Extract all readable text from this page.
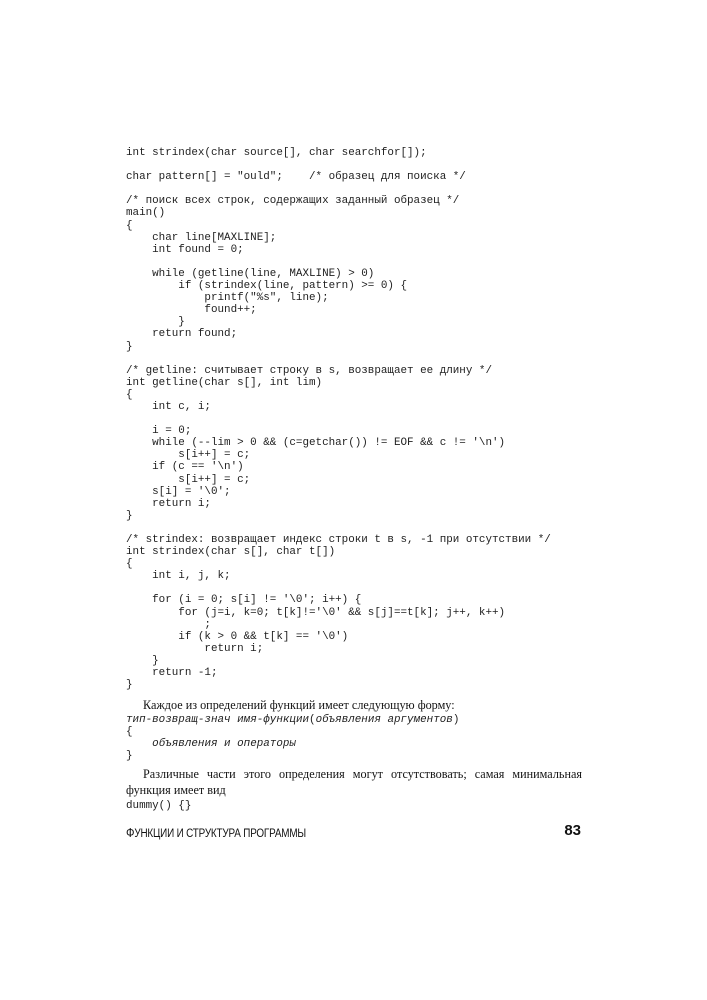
int strindex(char source[], char searchfor[]);

char pattern[] = "ould";    /* образец для поиска */

/* поиск всех строк, содержащих заданный образец */
main()
{
char line[MAXLINE];
int found = 0;

while (getline(line, MAXLINE) > 0)
if (strindex(line, pattern) >= 0) {
printf("%s", line);
found++;
}
return found;
}

/* getline: считывает строку в s, возвращает ее длину */
int getline(char s[], int lim)
{
int c, i;

i = 0;
while (--lim > 0 && (c=getchar()) != EOF && c != '\n')
s[i++] = c;
if (c == '\n')
s[i++] = c;
s[i] = '\0';
return i;
}

/* strindex: возвращает индекс строки t в s, -1 при отсутствии */
int strindex(char s[], char t[])
{
int i, j, k;

for (i = 0; s[i] != '\0'; i++) {
for (j=i, k=0; t[k]!='\0' && s[j]==t[k]; j++, k++)
;
if (k > 0 && t[k] == '\0')
return i;
}
return -1;
}

Каждое из определений функций имеет следующую форму:

тип-возвращ-знач имя-функции(объявления аргументов)
{
объявления и операторы
}

Различные части этого определения могут отсутствовать; самая минимальная функция имеет вид

dummy() {}
ФУНКЦИИ И СТРУКТУРА ПРОГРАММЫ	83
